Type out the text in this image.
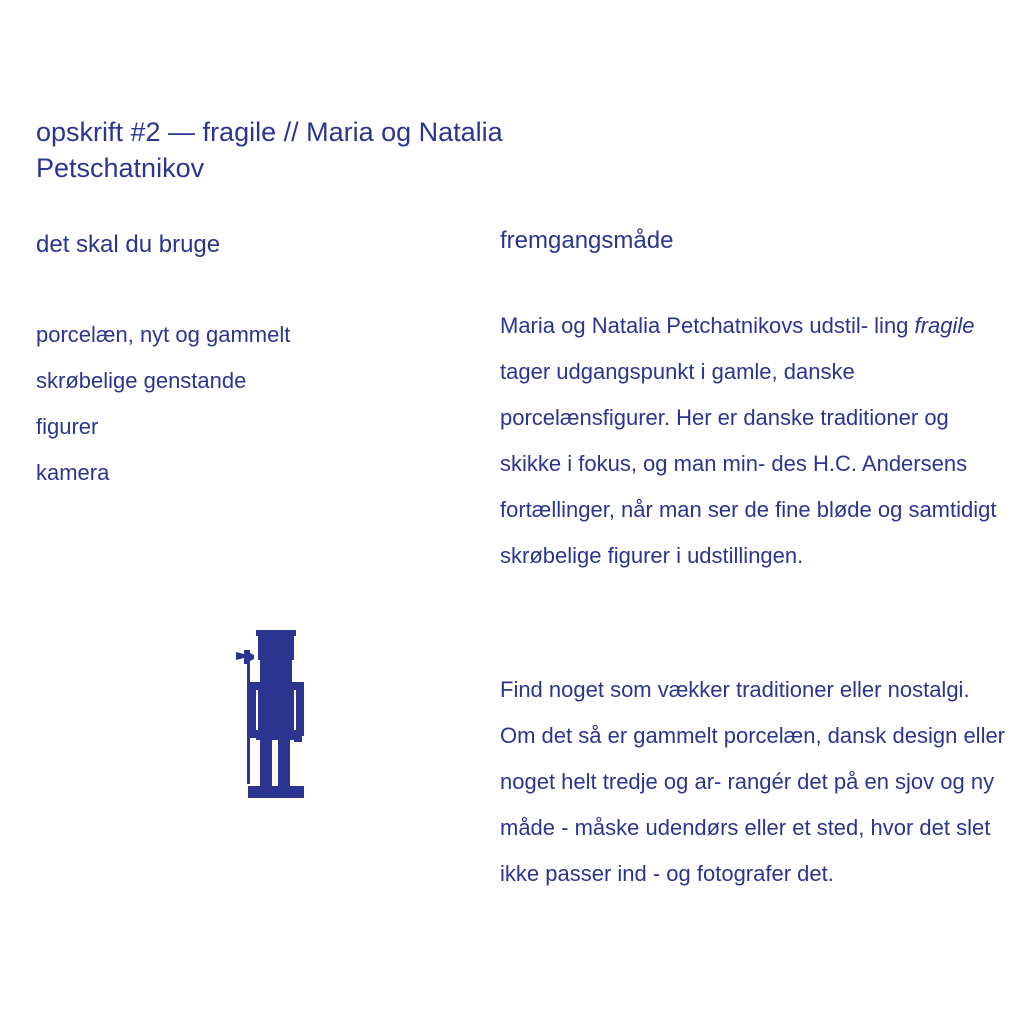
opskrift #2 — fragile // Maria og Natalia Petschatnikov
det skal du bruge
porcelæn, nyt og gammelt
skrøbelige genstande
figurer
kamera
fremgangsmåde

Maria og Natalia Petchatnikovs udstil- ling fragile tager udgangspunkt i gamle, danske porcelænsfigurer. Her er danske traditioner og skikke i fokus, og man min- des H.C. Andersens fortællinger, når man ser de fine bløde og samtidigt skrøbelige figurer i udstillingen.

Find noget som vækker traditioner eller nostalgi. Om det så er gammelt porcelæn, dansk design eller noget helt tredje og ar- rangér det på en sjov og ny måde - måske udendørs eller et sted, hvor det slet ikke passer ind - og fotografer det.
